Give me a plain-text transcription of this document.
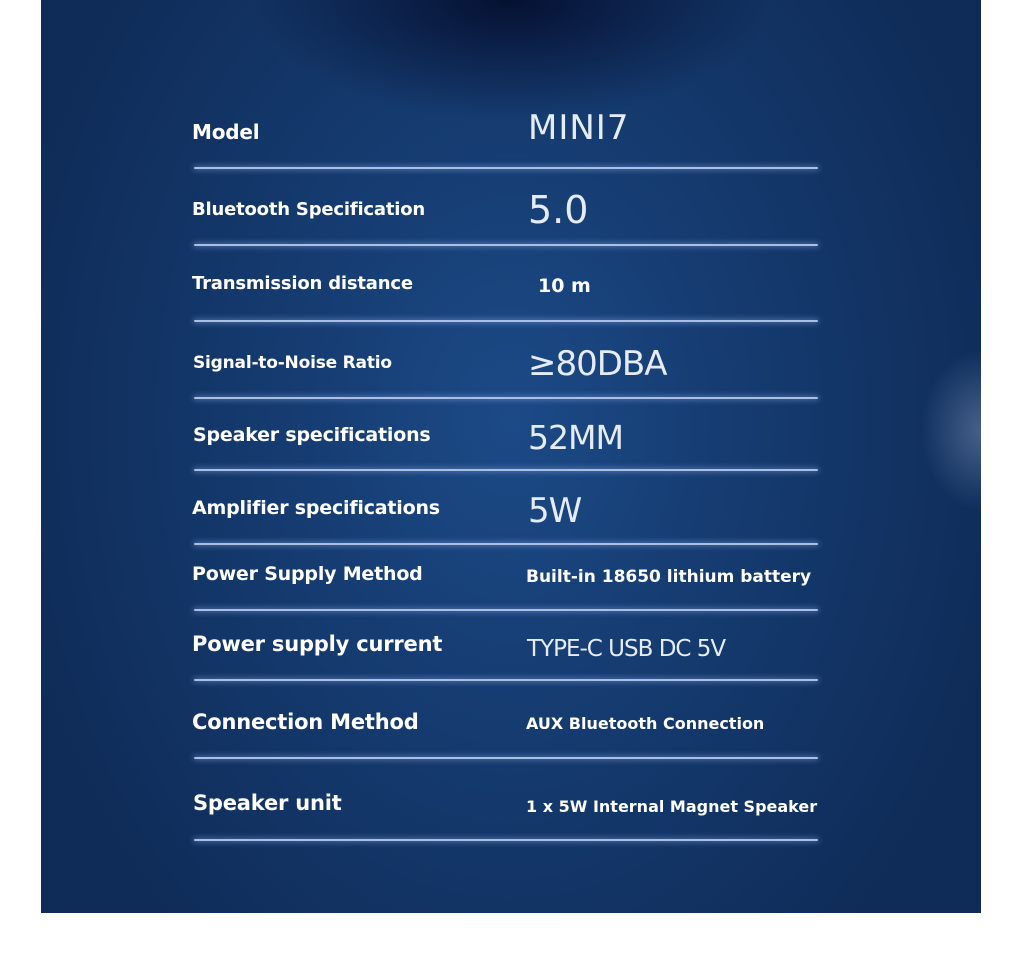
Model	MINI7
Bluetooth Specification	5.0
Transmission distance	10 m
Signal-to-Noise Ratio	≥80DBA
Speaker specifications	52MM
Amplifier specifications	5W
Power Supply Method	Built-in 18650 lithium battery
Power supply current	TYPE-C USB DC 5V
Connection Method	AUX Bluetooth Connection
Speaker unit	1 x 5W Internal Magnet Speaker
